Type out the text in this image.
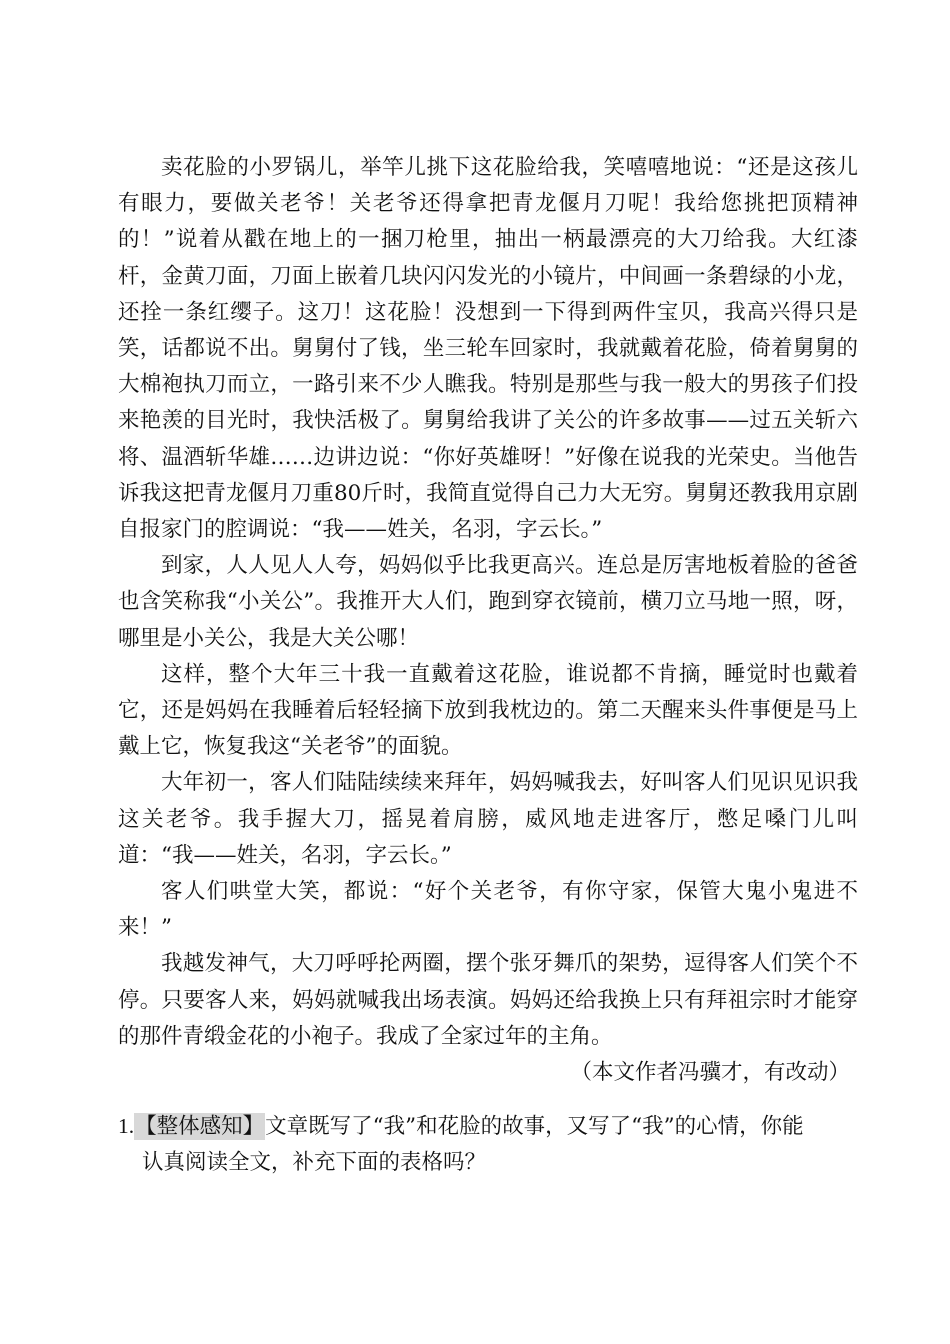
卖花脸的小罗锅儿，举竿儿挑下这花脸给我，笑嘻嘻地说：“还是这孩儿有眼力，要做关老爷！关老爷还得拿把青龙偃月刀呢！我给您挑把顶精神的！”说着从戳在地上的一捆刀枪里，抽出一柄最漂亮的大刀给我。大红漆杆，金黄刀面，刀面上嵌着几块闪闪发光的小镜片，中间画一条碧绿的小龙，还拴一条红缨子。这刀！这花脸！没想到一下得到两件宝贝，我高兴得只是笑，话都说不出。舅舅付了钱，坐三轮车回家时，我就戴着花脸，倚着舅舅的大棉袍执刀而立，一路引来不少人瞧我。特别是那些与我一般大的男孩子们投来艳羡的目光时，我快活极了。舅舅给我讲了关公的许多故事——过五关斩六将、温酒斩华雄……边讲边说：“你好英雄呀！”好像在说我的光荣史。当他告诉我这把青龙偃月刀重80斤时，我简直觉得自己力大无穷。舅舅还教我用京剧自报家门的腔调说：“我——姓关，名羽，字云长。”

到家，人人见人人夸，妈妈似乎比我更高兴。连总是厉害地板着脸的爸爸也含笑称我“小关公”。我推开大人们，跑到穿衣镜前，横刀立马地一照，呀，哪里是小关公，我是大关公哪！

这样，整个大年三十我一直戴着这花脸，谁说都不肯摘，睡觉时也戴着它，还是妈妈在我睡着后轻轻摘下放到我枕边的。第二天醒来头件事便是马上戴上它，恢复我这“关老爷”的面貌。

大年初一，客人们陆陆续续来拜年，妈妈喊我去，好叫客人们见识见识我这关老爷。我手握大刀，摇晃着肩膀，威风地走进客厅，憋足嗓门儿叫道：“我——姓关，名羽，字云长。”

客人们哄堂大笑，都说：“好个关老爷，有你守家，保管大鬼小鬼进不来！”

我越发神气，大刀呼呼抡两圈，摆个张牙舞爪的架势，逗得客人们笑个不停。只要客人来，妈妈就喊我出场表演。妈妈还给我换上只有拜祖宗时才能穿的那件青缎金花的小袍子。我成了全家过年的主角。

（本文作者冯骥才，有改动）
1.【整体感知】文章既写了“我”和花脸的故事，又写了“我”的心情，你能
认真阅读全文，补充下面的表格吗？
